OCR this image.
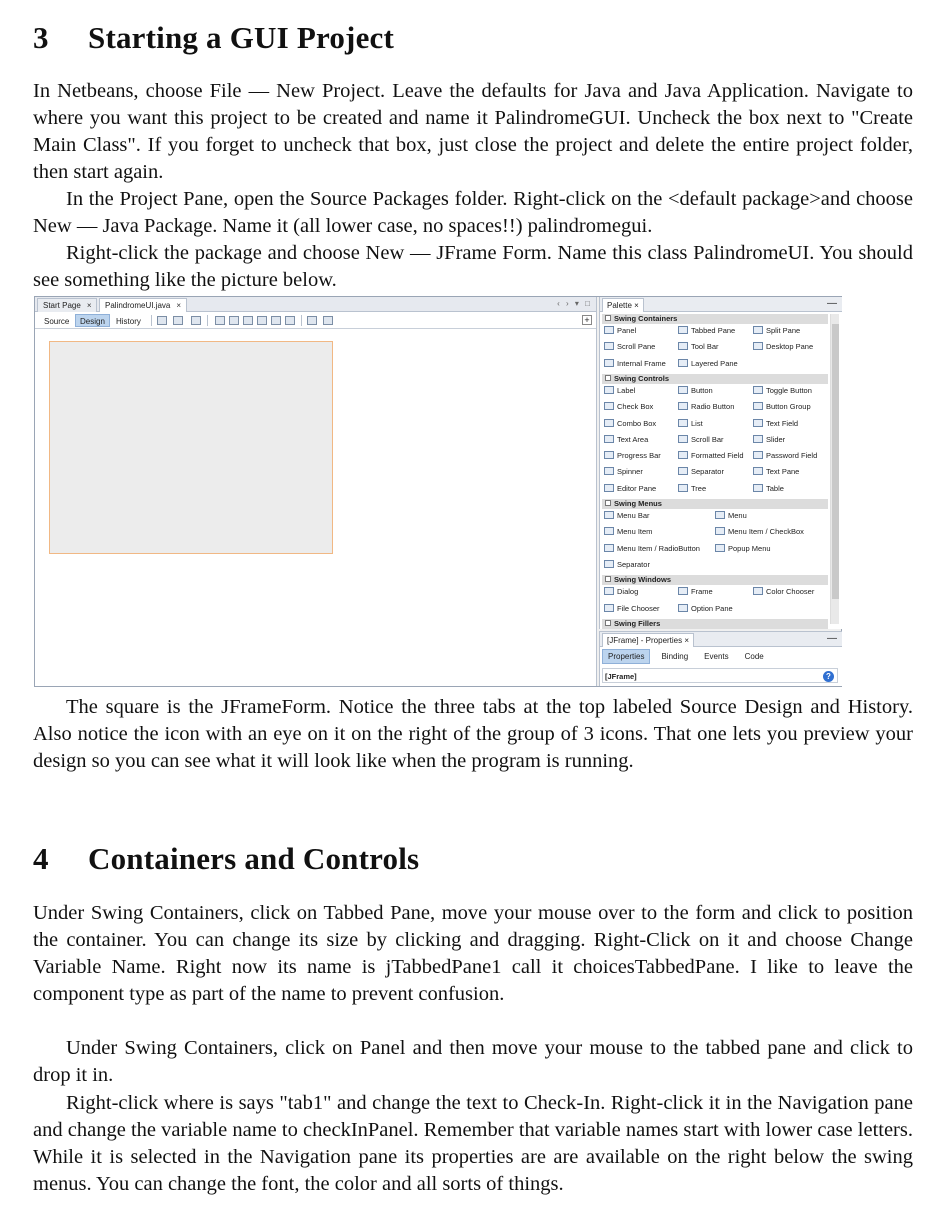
3 Starting a GUI Project

In Netbeans, choose File — New Project. Leave the defaults for Java and Java Application. Navigate to where you want this project to be created and name it PalindromeGUI. Uncheck the box next to "Create Main Class". If you forget to uncheck that box, just close the project and delete the entire project folder, then start again.

In the Project Pane, open the Source Packages folder. Right-click on the <default package>and choose New — Java Package. Name it (all lower case, no spaces!!) palindromegui.

Right-click the package and choose New — JFrame Form. Name this class PalindromeUI. You should see something like the picture below.

Start Page ×	PalindromeUI.java ×	‹ › ▾ □
Source	Design	History	+
Palette ×	—
Swing Containers
Panel	Tabbed Pane	Split Pane
Scroll Pane	Tool Bar	Desktop Pane
Internal Frame	Layered Pane
Swing Controls
Label	Button	Toggle Button
Check Box	Radio Button	Button Group
Combo Box	List	Text Field
Text Area	Scroll Bar	Slider
Progress Bar	Formatted Field	Password Field
Spinner	Separator	Text Pane
Editor Pane	Tree	Table
Swing Menus
Menu Bar	Menu
Menu Item	Menu Item / CheckBox
Menu Item / RadioButton	Popup Menu
Separator
Swing Windows
Dialog	Frame	Color Chooser
File Chooser	Option Pane
Swing Fillers
[JFrame] - Properties ×	—
Properties Binding Events Code
[JFrame]	?

The square is the JFrameForm. Notice the three tabs at the top labeled Source Design and History. Also notice the icon with an eye on it on the right of the group of 3 icons. That one lets you preview your design so you can see what it will look like when the program is running.

4 Containers and Controls

Under Swing Containers, click on Tabbed Pane, move your mouse over to the form and click to position the container. You can change its size by clicking and dragging. Right-Click on it and choose Change Variable Name. Right now its name is jTabbedPane1 call it choicesTabbedPane. I like to leave the component type as part of the name to prevent confusion.

Under Swing Containers, click on Panel and then move your mouse to the tabbed pane and click to drop it in.

Right-click where is says "tab1" and change the text to Check-In. Right-click it in the Navigation pane and change the variable name to checkInPanel. Remember that variable names start with lower case letters. While it is selected in the Navigation pane its properties are are available on the right below the swing menus. You can change the font, the color and all sorts of things.
